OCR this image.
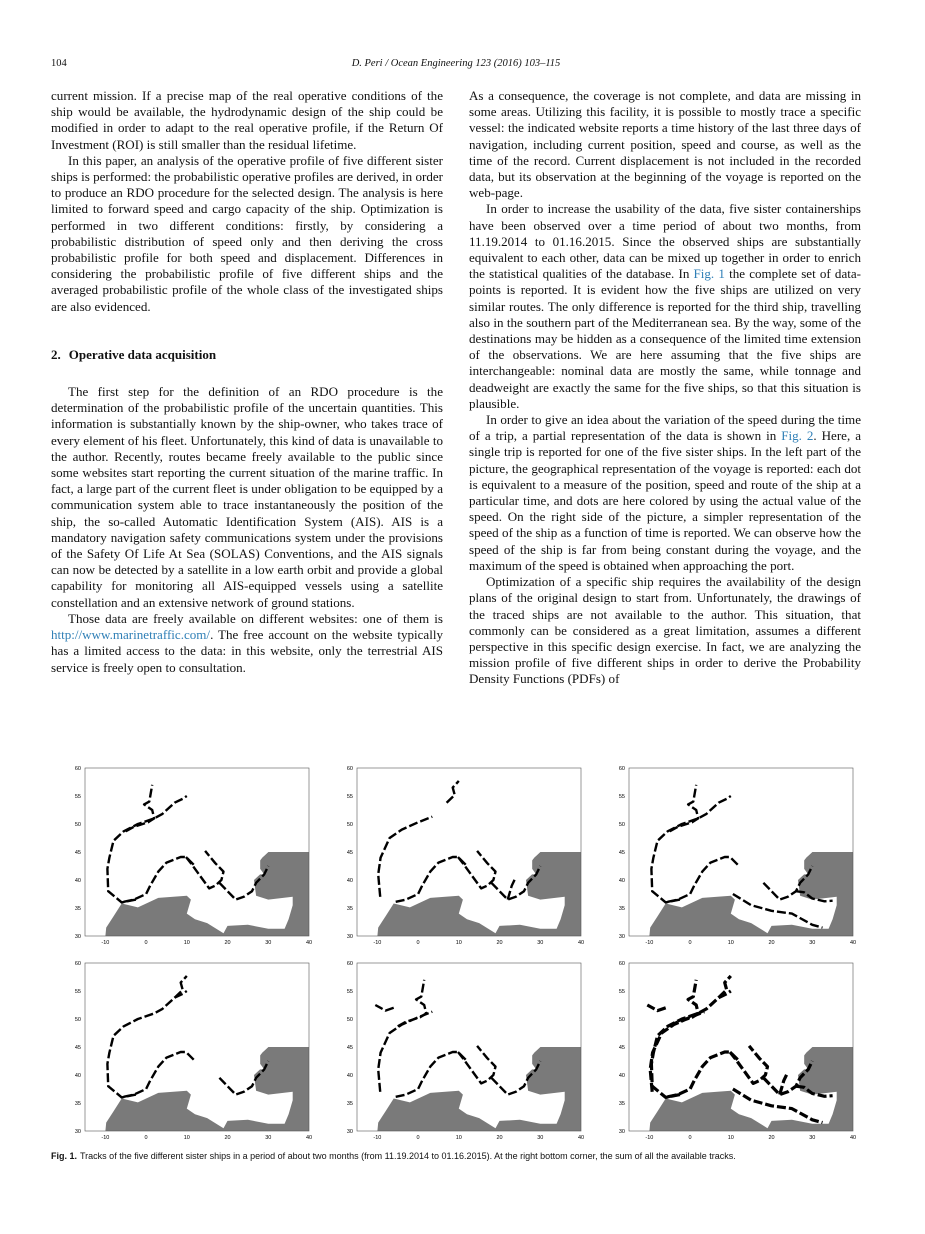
104	D. Peri / Ocean Engineering 123 (2016) 103–115

current mission. If a precise map of the real operative conditions of the ship would be available, the hydrodynamic design of the ship could be modified in order to adapt to the real operative profile, if the Return Of Investment (ROI) is still smaller than the residual lifetime.

In this paper, an analysis of the operative profile of five different sister ships is performed: the probabilistic operative profiles are derived, in order to produce an RDO procedure for the selected design. The analysis is here limited to forward speed and cargo capacity of the ship. Optimization is performed in two different conditions: firstly, by considering a probabilistic distribution of speed only and then deriving the cross probabilistic profile for both speed and displacement. Differences in considering the probabilistic profile of five different ships and the averaged probabilistic profile of the whole class of the investigated ships are also evidenced.

2. Operative data acquisition

The first step for the definition of an RDO procedure is the determination of the probabilistic profile of the uncertain quantities. This information is substantially known by the ship-owner, who takes trace of every element of his fleet. Unfortunately, this kind of data is unavailable to the author. Recently, routes became freely available to the public since some websites start reporting the current situation of the marine traffic. In fact, a large part of the current fleet is under obligation to be equipped by a communication system able to trace instantaneously the position of the ship, the so-called Automatic Identification System (AIS). AIS is a mandatory navigation safety communications system under the provisions of the Safety Of Life At Sea (SOLAS) Conventions, and the AIS signals can now be detected by a satellite in a low earth orbit and provide a global capability for monitoring all AIS-equipped vessels using a satellite constellation and an extensive network of ground stations.

Those data are freely available on different websites: one of them is http://www.marinetraffic.com/. The free account on the website typically has a limited access to the data: in this website, only the terrestrial AIS service is freely open to consultation.

As a consequence, the coverage is not complete, and data are missing in some areas. Utilizing this facility, it is possible to mostly trace a specific vessel: the indicated website reports a time history of the last three days of navigation, including current position, speed and course, as well as the time of the record. Current displacement is not included in the recorded data, but its observation at the beginning of the voyage is reported on the web-page.

In order to increase the usability of the data, five sister containerships have been observed over a time period of about two months, from 11.19.2014 to 01.16.2015. Since the observed ships are substantially equivalent to each other, data can be mixed up together in order to enrich the statistical qualities of the database. In Fig. 1 the complete set of data-points is reported. It is evident how the five ships are utilized on very similar routes. The only difference is reported for the third ship, travelling also in the southern part of the Mediterranean sea. By the way, some of the destinations may be hidden as a consequence of the limited time extension of the observations. We are here assuming that the five ships are interchangeable: nominal data are mostly the same, while tonnage and deadweight are exactly the same for the five ships, so that this situation is plausible.

In order to give an idea about the variation of the speed during the time of a trip, a partial representation of the data is shown in Fig. 2. Here, a single trip is reported for one of the five sister ships. In the left part of the picture, the geographical representation of the voyage is reported: each dot is equivalent to a measure of the position, speed and route of the ship at a particular time, and dots are here colored by using the actual value of the speed. On the right side of the picture, a simpler representation of the speed of the ship as a function of time is reported. We can observe how the speed of the ship is far from being constant during the voyage, and the maximum of the speed is obtained when approaching the port.

Optimization of a specific ship requires the availability of the design plans of the original design to start from. Unfortunately, the drawings of the traced ships are not available to the author. This situation, that commonly can be considered as a great limitation, assumes a different perspective in this specific design exercise. In fact, we are analyzing the mission profile of five different ships in order to derive the Probability Density Functions (PDFs) of

-10	0	10	20	30	40
60
55
50
45
40
35
30
-10	0	10	20	30	40
60
55
50
45
40
35
30
-10	0	10	20	30	40
60
55
50
45
40
35
30
-10	0	10	20	30	40
60
55
50
45
40
35
30
-10	0	10	20	30	40
60
55
50
45
40
35
30
-10	0	10	20	30	40
60
55
50
45
40
35
30
Fig. 1. Tracks of the five different sister ships in a period of about two months (from 11.19.2014 to 01.16.2015). At the right bottom corner, the sum of all the available tracks.
